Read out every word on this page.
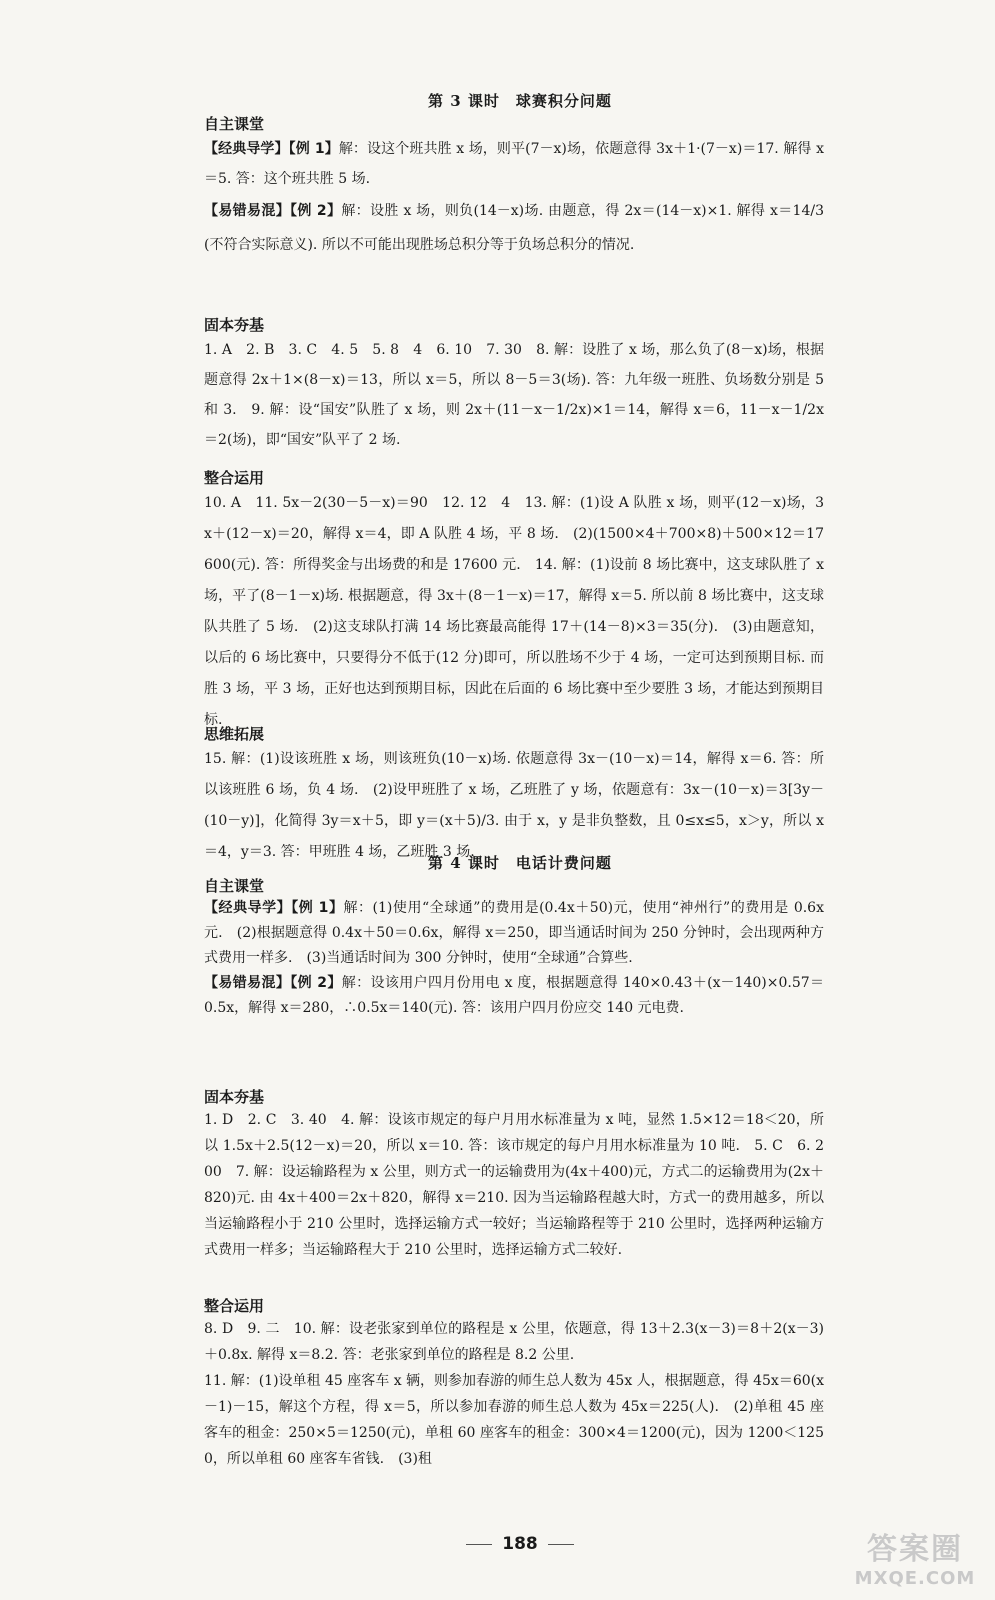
第 3 课时　球赛积分问题
自主课堂

【经典导学】【例 1】解：设这个班共胜 x 场，则平(7－x)场，依题意得 3x＋1·(7－x)＝17. 解得 x＝5. 答：这个班共胜 5 场.

【易错易混】【例 2】解：设胜 x 场，则负(14－x)场. 由题意，得 2x＝(14－x)×1. 解得 x＝14/3(不符合实际意义). 所以不可能出现胜场总积分等于负场总积分的情况.

固本夯基

1. A　2. B　3. C　4. 5　5. 8　4　6. 10　7. 30　8. 解：设胜了 x 场，那么负了(8－x)场，根据题意得 2x＋1×(8－x)＝13，所以 x＝5，所以 8－5＝3(场). 答：九年级一班胜、负场数分别是 5 和 3.　9. 解：设“国安”队胜了 x 场，则 2x＋(11－x－1/2x)×1＝14，解得 x＝6，11－x－1/2x＝2(场)，即“国安”队平了 2 场.

整合运用

10. A　11. 5x－2(30－5－x)＝90　12. 12　4　13. 解：(1)设 A 队胜 x 场，则平(12－x)场，3x＋(12－x)＝20，解得 x＝4，即 A 队胜 4 场，平 8 场.　(2)(1500×4＋700×8)＋500×12＝17600(元). 答：所得奖金与出场费的和是 17600 元.　14. 解：(1)设前 8 场比赛中，这支球队胜了 x 场，平了(8－1－x)场. 根据题意，得 3x＋(8－1－x)＝17，解得 x＝5. 所以前 8 场比赛中，这支球队共胜了 5 场.　(2)这支球队打满 14 场比赛最高能得 17＋(14－8)×3＝35(分).　(3)由题意知，以后的 6 场比赛中，只要得分不低于(12 分)即可，所以胜场不少于 4 场，一定可达到预期目标. 而胜 3 场，平 3 场，正好也达到预期目标，因此在后面的 6 场比赛中至少要胜 3 场，才能达到预期目标.

思维拓展

15. 解：(1)设该班胜 x 场，则该班负(10－x)场. 依题意得 3x－(10－x)＝14，解得 x＝6. 答：所以该班胜 6 场，负 4 场.　(2)设甲班胜了 x 场，乙班胜了 y 场，依题意有：3x－(10－x)＝3[3y－(10－y)]，化简得 3y＝x＋5，即 y＝(x＋5)/3. 由于 x，y 是非负整数，且 0≤x≤5，x＞y，所以 x＝4，y＝3. 答：甲班胜 4 场，乙班胜 3 场.

第 4 课时　电话计费问题
自主课堂

【经典导学】【例 1】解：(1)使用“全球通”的费用是(0.4x＋50)元，使用“神州行”的费用是 0.6x 元.　(2)根据题意得 0.4x＋50＝0.6x，解得 x＝250，即当通话时间为 250 分钟时，会出现两种方式费用一样多.　(3)当通话时间为 300 分钟时，使用“全球通”合算些.

【易错易混】【例 2】解：设该用户四月份用电 x 度，根据题意得 140×0.43＋(x－140)×0.57＝0.5x，解得 x＝280，∴0.5x＝140(元). 答：该用户四月份应交 140 元电费.

固本夯基

1. D　2. C　3. 40　4. 解：设该市规定的每户月用水标准量为 x 吨，显然 1.5×12＝18＜20，所以 1.5x＋2.5(12－x)＝20，所以 x＝10. 答：该市规定的每户月用水标准量为 10 吨.　5. C　6. 200　7. 解：设运输路程为 x 公里，则方式一的运输费用为(4x＋400)元，方式二的运输费用为(2x＋820)元. 由 4x＋400＝2x＋820，解得 x＝210. 因为当运输路程越大时，方式一的费用越多，所以当运输路程小于 210 公里时，选择运输方式一较好；当运输路程等于 210 公里时，选择两种运输方式费用一样多；当运输路程大于 210 公里时，选择运输方式二较好.

整合运用

8. D　9. 二　10. 解：设老张家到单位的路程是 x 公里，依题意，得 13＋2.3(x－3)＝8＋2(x－3)＋0.8x. 解得 x＝8.2. 答：老张家到单位的路程是 8.2 公里.

11. 解：(1)设单租 45 座客车 x 辆，则参加春游的师生总人数为 45x 人，根据题意，得 45x＝60(x－1)－15，解这个方程，得 x＝5，所以参加春游的师生总人数为 45x＝225(人).　(2)单租 45 座客车的租金：250×5＝1250(元)，单租 60 座客车的租金：300×4＝1200(元)，因为 1200＜1250，所以单租 60 座客车省钱.　(3)租

188	答案圈
MXQE.COM
